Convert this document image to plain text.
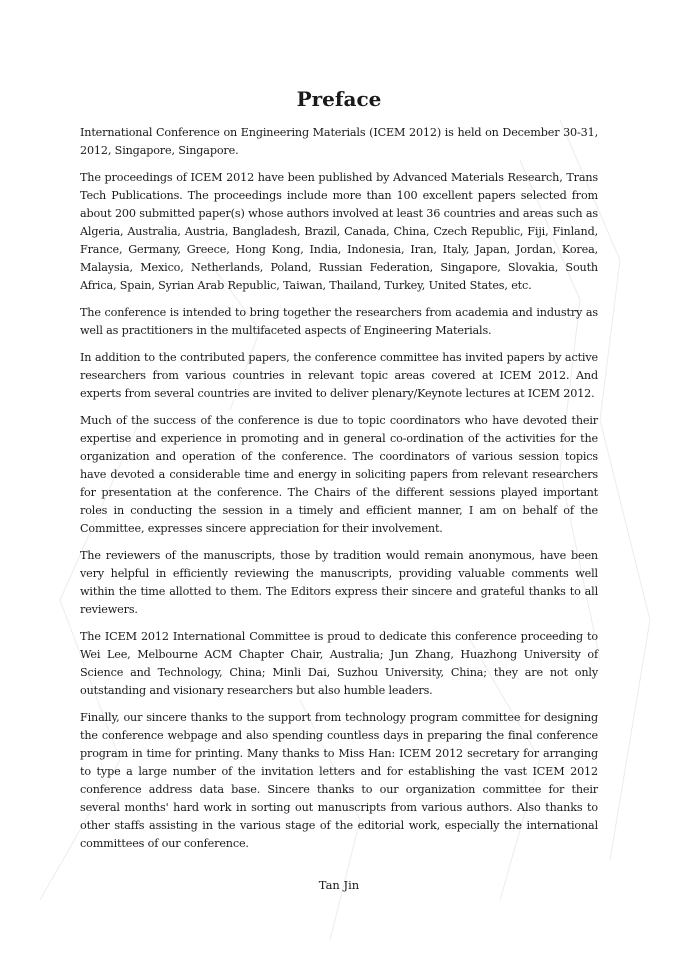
Preface

International Conference on Engineering Materials (ICEM 2012) is held on December 30-31, 2012, Singapore, Singapore.

The proceedings of ICEM 2012 have been published by Advanced Materials Research, Trans Tech Publications. The proceedings include more than 100 excellent papers selected from about 200 submitted paper(s) whose authors involved at least 36 countries and areas such as Algeria, Australia, Austria, Bangladesh, Brazil, Canada, China, Czech Republic, Fiji, Finland, France, Germany, Greece, Hong Kong, India, Indonesia, Iran, Italy, Japan, Jordan, Korea, Malaysia, Mexico, Netherlands, Poland, Russian Federation, Singapore, Slovakia, South Africa, Spain, Syrian Arab Republic, Taiwan, Thailand, Turkey, United States, etc.

The conference is intended to bring together the researchers from academia and industry as well as practitioners in the multifaceted aspects of Engineering Materials.

In addition to the contributed papers, the conference committee has invited papers by active researchers from various countries in relevant topic areas covered at ICEM 2012. And experts from several countries are invited to deliver plenary/Keynote lectures at ICEM 2012.

Much of the success of the conference is due to topic coordinators who have devoted their expertise and experience in promoting and in general co-ordination of the activities for the organization and operation of the conference. The coordinators of various session topics have devoted a considerable time and energy in soliciting papers from relevant researchers for presentation at the conference. The Chairs of the different sessions played important roles in conducting the session in a timely and efficient manner, I am on behalf of the Committee, expresses sincere appreciation for their involvement.

The reviewers of the manuscripts, those by tradition would remain anonymous, have been very helpful in efficiently reviewing the manuscripts, providing valuable comments well within the time allotted to them. The Editors express their sincere and grateful thanks to all reviewers.

The ICEM 2012 International Committee is proud to dedicate this conference proceeding to Wei Lee, Melbourne ACM Chapter Chair, Australia; Jun Zhang, Huazhong University of Science and Technology, China; Minli Dai, Suzhou University, China; they are not only outstanding and visionary researchers but also humble leaders.

Finally, our sincere thanks to the support from technology program committee for designing the conference webpage and also spending countless days in preparing the final conference program in time for printing. Many thanks to Miss Han: ICEM 2012 secretary for arranging to type a large number of the invitation letters and for establishing the vast ICEM 2012 conference address data base. Sincere thanks to our organization committee for their several months' hard work in sorting out manuscripts from various authors. Also thanks to other staffs assisting in the various stage of the editorial work, especially the international committees of our conference.

Tan Jin
